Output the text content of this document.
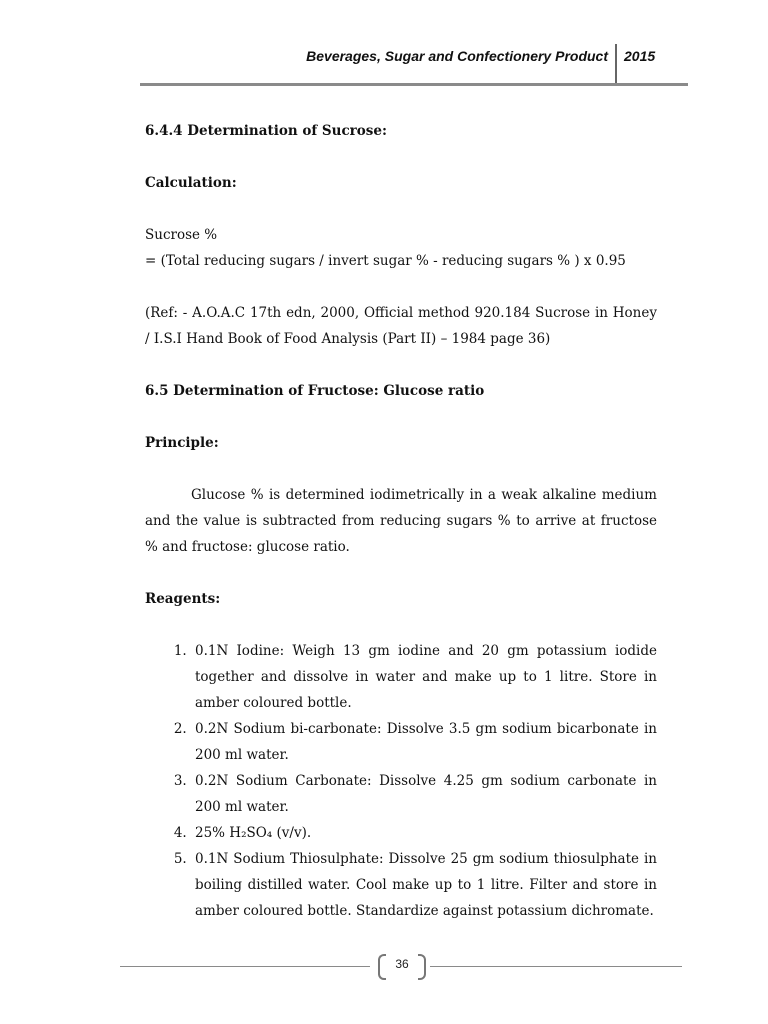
Beverages, Sugar and Confectionery Product 2015

6.4.4 Determination of Sucrose:

Calculation:

Sucrose %

= (Total reducing sugars / invert sugar % - reducing sugars % ) x 0.95

(Ref: - A.O.A.C 17th edn, 2000, Official method 920.184 Sucrose in Honey / I.S.I Hand Book of Food Analysis (Part II) – 1984 page 36)

6.5 Determination of Fructose: Glucose ratio

Principle:

Glucose % is determined iodimetrically in a weak alkaline medium and the value is subtracted from reducing sugars % to arrive at fructose % and fructose: glucose ratio.

Reagents:

1. 0.1N Iodine: Weigh 13 gm iodine and 20 gm potassium iodide together and dissolve in water and make up to 1 litre. Store in amber coloured bottle.
2. 0.2N Sodium bi-carbonate: Dissolve 3.5 gm sodium bicarbonate in 200 ml water.
3. 0.2N Sodium Carbonate: Dissolve 4.25 gm sodium carbonate in 200 ml water.
4. 25% H₂SO₄ (v/v).
5. 0.1N Sodium Thiosulphate: Dissolve 25 gm sodium thiosulphate in boiling distilled water. Cool make up to 1 litre. Filter and store in amber coloured bottle. Standardize against potassium dichromate.
36
